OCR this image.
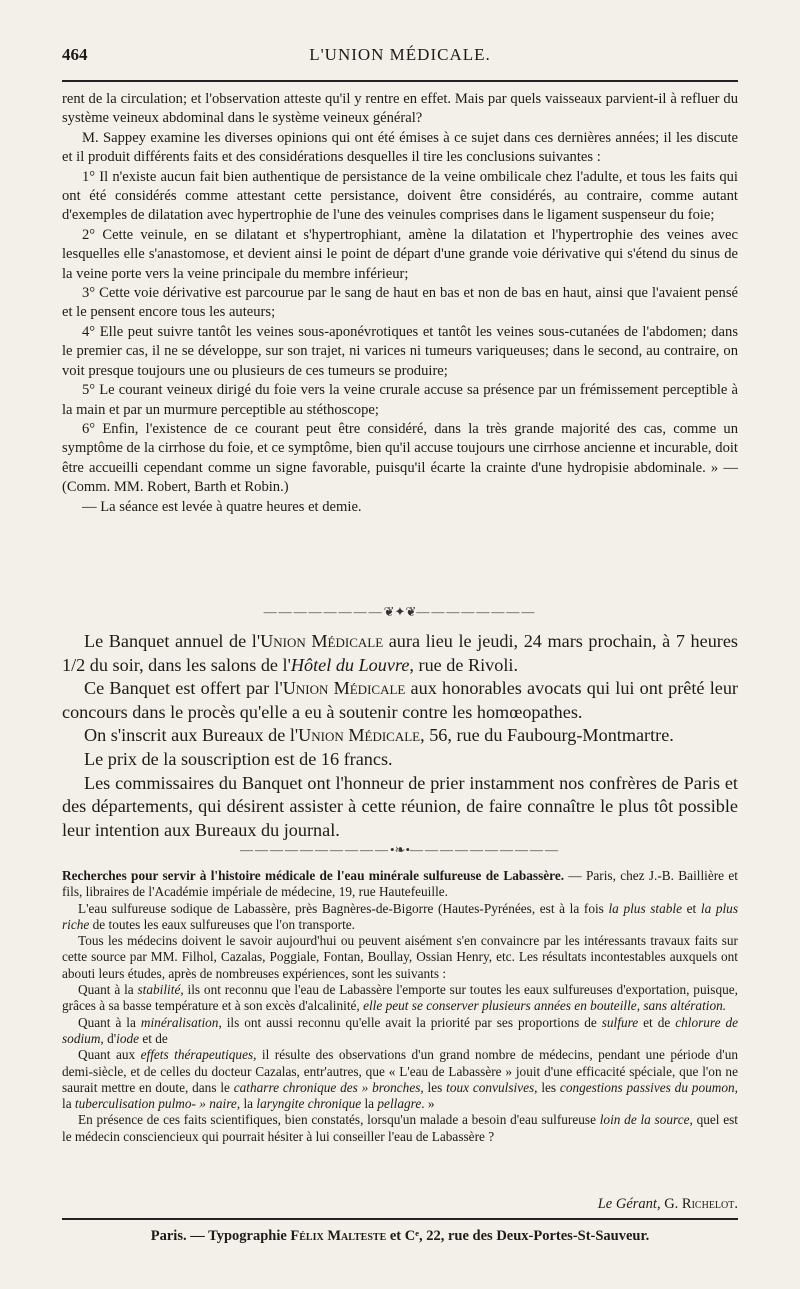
464	L'UNION MÉDICALE.

rent de la circulation; et l'observation atteste qu'il y rentre en effet. Mais par quels vaisseaux parvient-il à refluer du système veineux abdominal dans le système veineux général?

M. Sappey examine les diverses opinions qui ont été émises à ce sujet dans ces dernières années; il les discute et il produit différents faits et des considérations desquelles il tire les conclusions suivantes :

1° Il n'existe aucun fait bien authentique de persistance de la veine ombilicale chez l'adulte, et tous les faits qui ont été considérés comme attestant cette persistance, doivent être considérés, au contraire, comme autant d'exemples de dilatation avec hypertrophie de l'une des veinules comprises dans le ligament suspenseur du foie;

2° Cette veinule, en se dilatant et s'hypertrophiant, amène la dilatation et l'hypertrophie des veines avec lesquelles elle s'anastomose, et devient ainsi le point de départ d'une grande voie dérivative qui s'étend du sinus de la veine porte vers la veine principale du membre inférieur;

3° Cette voie dérivative est parcourue par le sang de haut en bas et non de bas en haut, ainsi que l'avaient pensé et le pensent encore tous les auteurs;

4° Elle peut suivre tantôt les veines sous-aponévrotiques et tantôt les veines sous-cutanées de l'abdomen; dans le premier cas, il ne se développe, sur son trajet, ni varices ni tumeurs variqueuses; dans le second, au contraire, on voit presque toujours une ou plusieurs de ces tumeurs se produire;

5° Le courant veineux dirigé du foie vers la veine crurale accuse sa présence par un frémissement perceptible à la main et par un murmure perceptible au stéthoscope;

6° Enfin, l'existence de ce courant peut être considéré, dans la très grande majorité des cas, comme un symptôme de la cirrhose du foie, et ce symptôme, bien qu'il accuse toujours une cirrhose ancienne et incurable, doit être accueilli cependant comme un signe favorable, puisqu'il écarte la crainte d'une hydropisie abdominale. » — (Comm. MM. Robert, Barth et Robin.)

— La séance est levée à quatre heures et demie.

————————❦✦❦————————

Le Banquet annuel de l'Union Médicale aura lieu le jeudi, 24 mars prochain, à 7 heures 1/2 du soir, dans les salons de l'Hôtel du Louvre, rue de Rivoli.

Ce Banquet est offert par l'Union Médicale aux honorables avocats qui lui ont prêté leur concours dans le procès qu'elle a eu à soutenir contre les homœopathes.

On s'inscrit aux Bureaux de l'Union Médicale, 56, rue du Faubourg-Montmartre.

Le prix de la souscription est de 16 francs.

Les commissaires du Banquet ont l'honneur de prier instamment nos confrères de Paris et des départements, qui désirent assister à cette réunion, de faire connaître le plus tôt possible leur intention aux Bureaux du journal.

——————————•❧•——————————

Recherches pour servir à l'histoire médicale de l'eau minérale sulfureuse de Labassère. — Paris, chez J.-B. Baillière et fils, libraires de l'Académie impériale de médecine, 19, rue Hautefeuille.

L'eau sulfureuse sodique de Labassère, près Bagnères-de-Bigorre (Hautes-Pyrénées, est à la fois la plus stable et la plus riche de toutes les eaux sulfureuses que l'on transporte.

Tous les médecins doivent le savoir aujourd'hui ou peuvent aisément s'en convaincre par les intéressants travaux faits sur cette source par MM. Filhol, Cazalas, Poggiale, Fontan, Boullay, Ossian Henry, etc. Les résultats incontestables auxquels ont abouti leurs études, après de nombreuses expériences, sont les suivants :

Quant à la stabilité, ils ont reconnu que l'eau de Labassère l'emporte sur toutes les eaux sulfureuses d'exportation, puisque, grâces à sa basse température et à son excès d'alcalinité, elle peut se conserver plusieurs années en bouteille, sans altération.

Quant à la minéralisation, ils ont aussi reconnu qu'elle avait la priorité par ses proportions de sulfure et de chlorure de sodium, d'iode et de

Quant aux effets thérapeutiques, il résulte des observations d'un grand nombre de médecins, pendant une période d'un demi-siècle, et de celles du docteur Cazalas, entr'autres, que « L'eau de Labassère » jouit d'une efficacité spéciale, que l'on ne saurait mettre en doute, dans le catharre chronique des » bronches, les toux convulsives, les congestions passives du poumon, la tuberculisation pulmo- » naire, la laryngite chronique la pellagre. »

En présence de ces faits scientifiques, bien constatés, lorsqu'un malade a besoin d'eau sulfureuse loin de la source, quel est le médecin consciencieux qui pourrait hésiter à lui conseiller l'eau de Labassère ?

Le Gérant, G. Richelot.
Paris. — Typographie Félix Malteste et Cᵉ, 22, rue des Deux-Portes-St-Sauveur.
